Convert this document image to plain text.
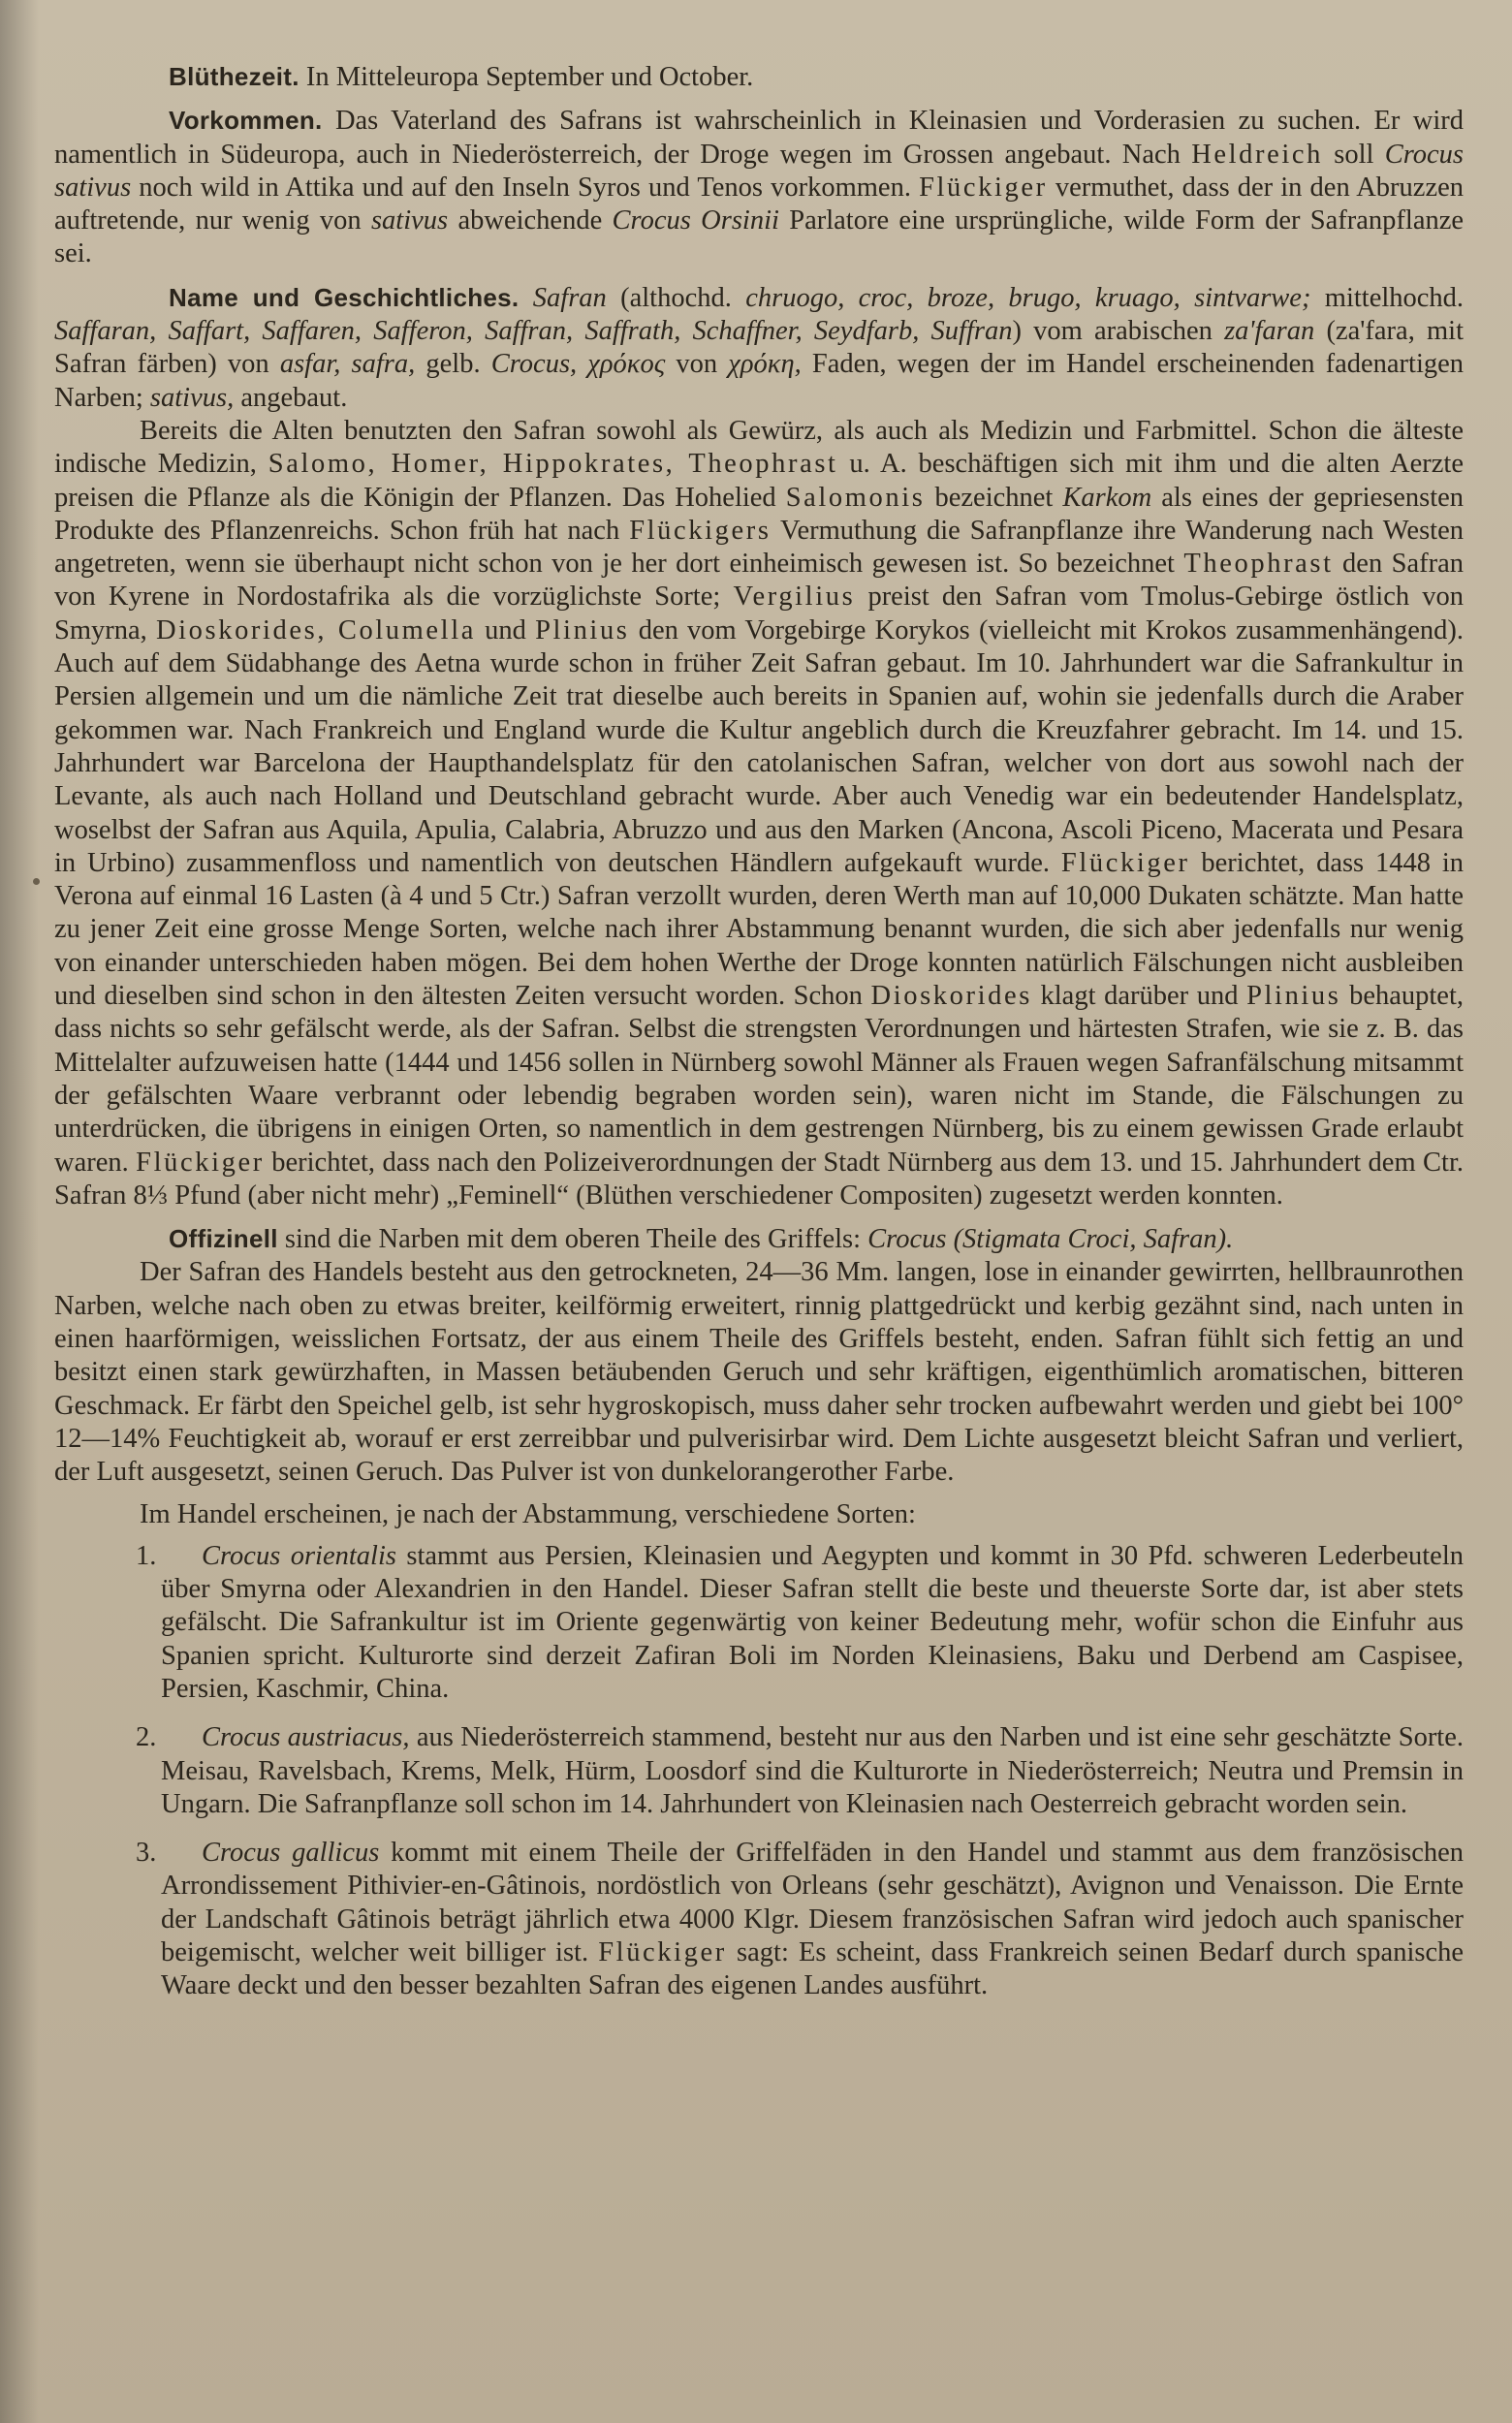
Blüthezeit. In Mitteleuropa September und October.

Vorkommen. Das Vaterland des Safrans ist wahrscheinlich in Kleinasien und Vorderasien zu suchen. Er wird namentlich in Südeuropa, auch in Niederösterreich, der Droge wegen im Grossen angebaut. Nach Heldreich soll Crocus sativus noch wild in Attika und auf den Inseln Syros und Tenos vorkommen. Flückiger vermuthet, dass der in den Abruzzen auftretende, nur wenig von sativus abweichende Crocus Orsinii Parlatore eine ursprüngliche, wilde Form der Safranpflanze sei.

Name und Geschichtliches. Safran (althochd. chruogo, croc, broze, brugo, kruago, sintvarwe; mittelhochd. Saffaran, Saffart, Saffaren, Safferon, Saffran, Saffrath, Schaffner, Seydfarb, Suffran) vom arabischen za'faran (za'fara, mit Safran färben) von asfar, safra, gelb. Crocus, χρόκος von χρόκη, Faden, wegen der im Handel erscheinenden fadenartigen Narben; sativus, angebaut.

Bereits die Alten benutzten den Safran sowohl als Gewürz, als auch als Medizin und Farbmittel. Schon die älteste indische Medizin, Salomo, Homer, Hippokrates, Theophrast u. A. beschäftigen sich mit ihm und die alten Aerzte preisen die Pflanze als die Königin der Pflanzen. Das Hohelied Salomonis bezeichnet Karkom als eines der gepriesensten Produkte des Pflanzenreichs. Schon früh hat nach Flückigers Vermuthung die Safranpflanze ihre Wanderung nach Westen angetreten, wenn sie überhaupt nicht schon von je her dort einheimisch gewesen ist. So bezeichnet Theophrast den Safran von Kyrene in Nordostafrika als die vorzüglichste Sorte; Vergilius preist den Safran vom Tmolus-Gebirge östlich von Smyrna, Dioskorides, Columella und Plinius den vom Vorgebirge Korykos (vielleicht mit Krokos zusammenhängend). Auch auf dem Südabhange des Aetna wurde schon in früher Zeit Safran gebaut. Im 10. Jahrhundert war die Safrankultur in Persien allgemein und um die nämliche Zeit trat dieselbe auch bereits in Spanien auf, wohin sie jedenfalls durch die Araber gekommen war. Nach Frankreich und England wurde die Kultur angeblich durch die Kreuzfahrer gebracht. Im 14. und 15. Jahrhundert war Barcelona der Haupthandelsplatz für den catolanischen Safran, welcher von dort aus sowohl nach der Levante, als auch nach Holland und Deutschland gebracht wurde. Aber auch Venedig war ein bedeutender Handelsplatz, woselbst der Safran aus Aquila, Apulia, Calabria, Abruzzo und aus den Marken (Ancona, Ascoli Piceno, Macerata und Pesara in Urbino) zusammenfloss und namentlich von deutschen Händlern aufgekauft wurde. Flückiger berichtet, dass 1448 in Verona auf einmal 16 Lasten (à 4 und 5 Ctr.) Safran verzollt wurden, deren Werth man auf 10,000 Dukaten schätzte. Man hatte zu jener Zeit eine grosse Menge Sorten, welche nach ihrer Abstammung benannt wurden, die sich aber jedenfalls nur wenig von einander unterschieden haben mögen. Bei dem hohen Werthe der Droge konnten natürlich Fälschungen nicht ausbleiben und dieselben sind schon in den ältesten Zeiten versucht worden. Schon Dioskorides klagt darüber und Plinius behauptet, dass nichts so sehr gefälscht werde, als der Safran. Selbst die strengsten Verordnungen und härtesten Strafen, wie sie z. B. das Mittelalter aufzuweisen hatte (1444 und 1456 sollen in Nürnberg sowohl Männer als Frauen wegen Safranfälschung mitsammt der gefälschten Waare verbrannt oder lebendig begraben worden sein), waren nicht im Stande, die Fälschungen zu unterdrücken, die übrigens in einigen Orten, so namentlich in dem gestrengen Nürnberg, bis zu einem gewissen Grade erlaubt waren. Flückiger berichtet, dass nach den Polizeiverordnungen der Stadt Nürnberg aus dem 13. und 15. Jahrhundert dem Ctr. Safran 8⅓ Pfund (aber nicht mehr) „Feminell“ (Blüthen verschiedener Compositen) zugesetzt werden konnten.

Offizinell sind die Narben mit dem oberen Theile des Griffels: Crocus (Stigmata Croci, Safran).

Der Safran des Handels besteht aus den getrockneten, 24—36 Mm. langen, lose in einander gewirrten, hellbraunrothen Narben, welche nach oben zu etwas breiter, keilförmig erweitert, rinnig plattgedrückt und kerbig gezähnt sind, nach unten in einen haarförmigen, weisslichen Fortsatz, der aus einem Theile des Griffels besteht, enden. Safran fühlt sich fettig an und besitzt einen stark gewürzhaften, in Massen betäubenden Geruch und sehr kräftigen, eigenthümlich aromatischen, bitteren Geschmack. Er färbt den Speichel gelb, ist sehr hygroskopisch, muss daher sehr trocken aufbewahrt werden und giebt bei 100° 12—14% Feuchtigkeit ab, worauf er erst zerreibbar und pulverisirbar wird. Dem Lichte ausgesetzt bleicht Safran und verliert, der Luft ausgesetzt, seinen Geruch. Das Pulver ist von dunkelorangerother Farbe.

Im Handel erscheinen, je nach der Abstammung, verschiedene Sorten:

1.	Crocus orientalis stammt aus Persien, Kleinasien und Aegypten und kommt in 30 Pfd. schweren Lederbeuteln über Smyrna oder Alexandrien in den Handel. Dieser Safran stellt die beste und theuerste Sorte dar, ist aber stets gefälscht. Die Safrankultur ist im Oriente gegenwärtig von keiner Bedeutung mehr, wofür schon die Einfuhr aus Spanien spricht. Kulturorte sind derzeit Zafiran Boli im Norden Kleinasiens, Baku und Derbend am Caspisee, Persien, Kaschmir, China.
2.	Crocus austriacus, aus Niederösterreich stammend, besteht nur aus den Narben und ist eine sehr geschätzte Sorte. Meisau, Ravelsbach, Krems, Melk, Hürm, Loosdorf sind die Kulturorte in Niederösterreich; Neutra und Premsin in Ungarn. Die Safranpflanze soll schon im 14. Jahrhundert von Kleinasien nach Oesterreich gebracht worden sein.
3.	Crocus gallicus kommt mit einem Theile der Griffelfäden in den Handel und stammt aus dem französischen Arrondissement Pithivier-en-Gâtinois, nordöstlich von Orleans (sehr geschätzt), Avignon und Venaisson. Die Ernte der Landschaft Gâtinois beträgt jährlich etwa 4000 Klgr. Diesem französischen Safran wird jedoch auch spanischer beigemischt, welcher weit billiger ist. Flückiger sagt: Es scheint, dass Frankreich seinen Bedarf durch spanische Waare deckt und den besser bezahlten Safran des eigenen Landes ausführt.
